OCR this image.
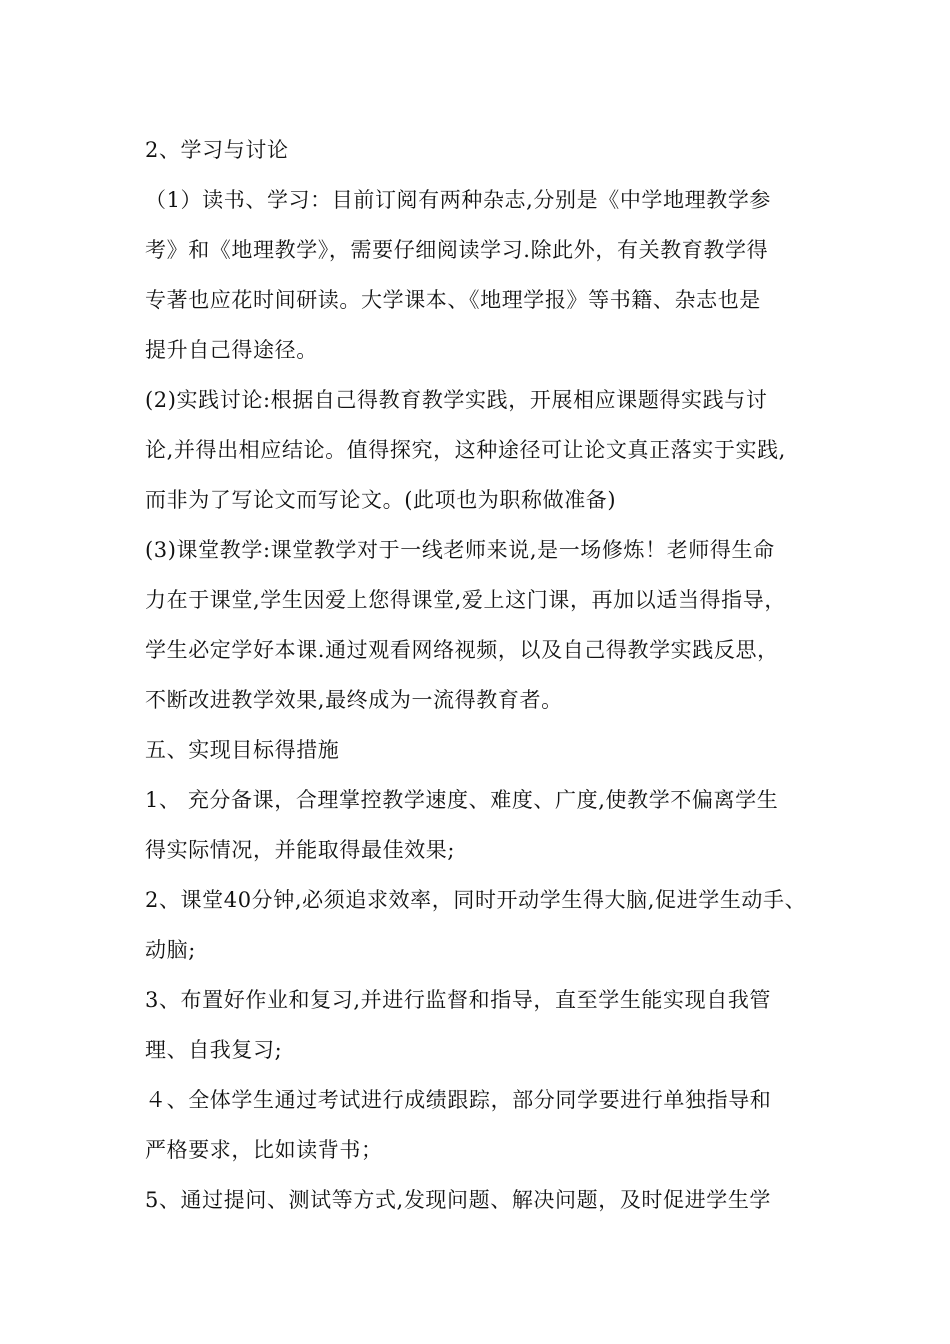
2、学习与讨论
（1）读书、学习：目前订阅有两种杂志,分别是《中学地理教学参
考》和《地理教学》，需要仔细阅读学习.除此外，有关教育教学得
专著也应花时间研读。大学课本、《地理学报》等书籍、杂志也是
提升自己得途径。
(2)实践讨论:根据自己得教育教学实践，开展相应课题得实践与讨
论,并得出相应结论。值得探究，这种途径可让论文真正落实于实践,
而非为了写论文而写论文。(此项也为职称做准备)
(3)课堂教学:课堂教学对于一线老师来说,是一场修炼！老师得生命
力在于课堂,学生因爱上您得课堂,爱上这门课，再加以适当得指导，
学生必定学好本课.通过观看网络视频，以及自己得教学实践反思，
不断改进教学效果,最终成为一流得教育者。
五、实现目标得措施
1、 充分备课，合理掌控教学速度、难度、广度,使教学不偏离学生
得实际情况，并能取得最佳效果;
2、课堂40分钟,必须追求效率，同时开动学生得大脑,促进学生动手、
动脑;
3、布置好作业和复习,并进行监督和指导，直至学生能实现自我管
理、自我复习;
４、全体学生通过考试进行成绩跟踪，部分同学要进行单独指导和
严格要求，比如读背书；
5、通过提问、测试等方式,发现问题、解决问题，及时促进学生学
